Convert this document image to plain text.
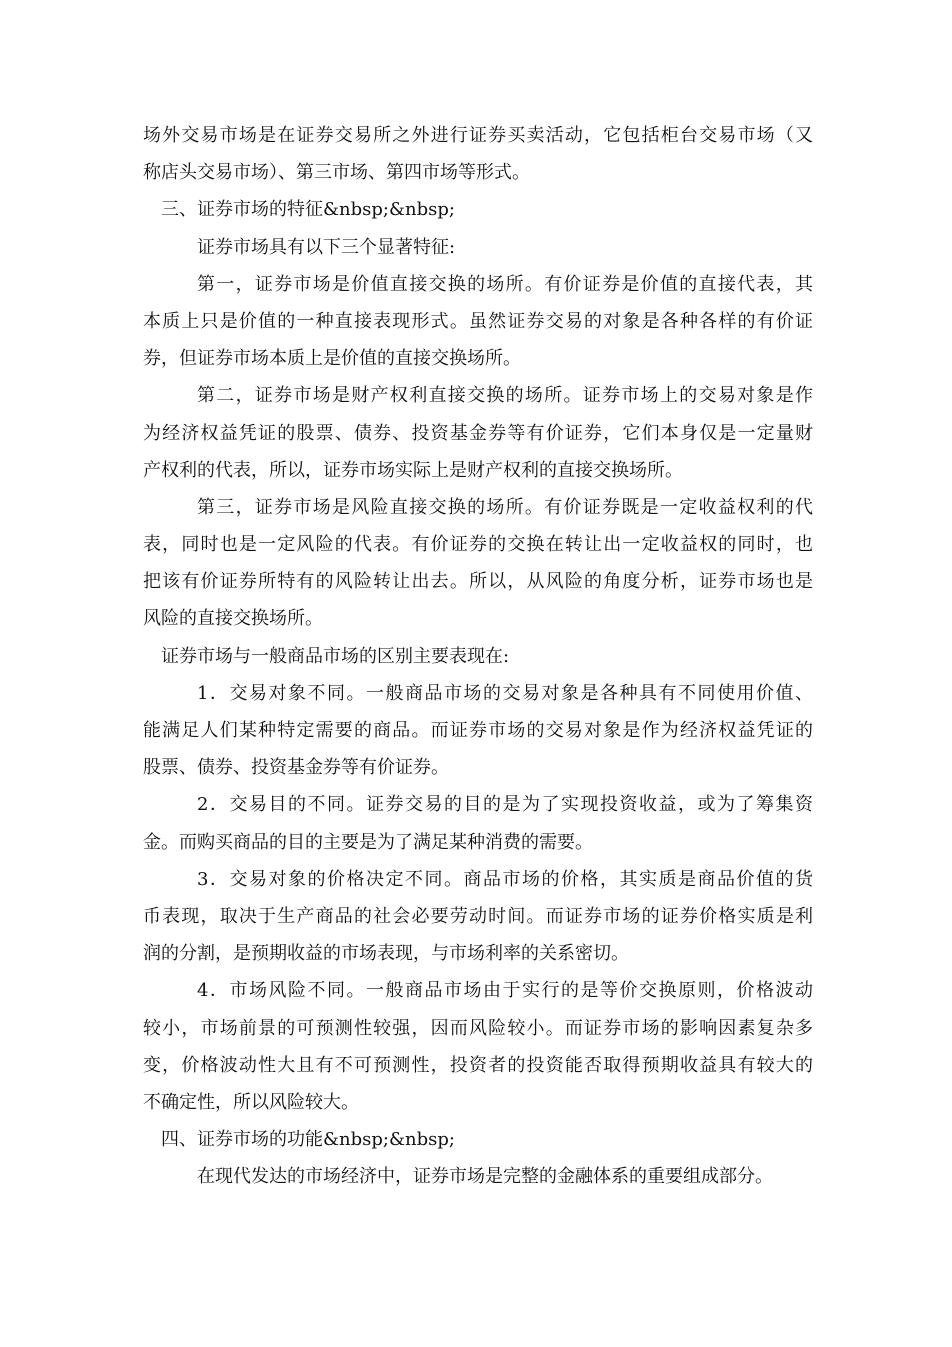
场外交易市场是在证券交易所之外进行证券买卖活动，它包括柜台交易市场（又
称店头交易市场）、第三市场、第四市场等形式。
三、证券市场的特征&nbsp;&nbsp;
证券市场具有以下三个显著特征:
第一，证券市场是价值直接交换的场所。有价证券是价值的直接代表，其
本质上只是价值的一种直接表现形式。虽然证券交易的对象是各种各样的有价证
券，但证券市场本质上是价值的直接交换场所。
第二，证券市场是财产权利直接交换的场所。证券市场上的交易对象是作
为经济权益凭证的股票、债券、投资基金券等有价证券，它们本身仅是一定量财
产权利的代表，所以，证券市场实际上是财产权利的直接交换场所。
第三，证券市场是风险直接交换的场所。有价证券既是一定收益权利的代
表，同时也是一定风险的代表。有价证券的交换在转让出一定收益权的同时，也
把该有价证券所特有的风险转让出去。所以，从风险的角度分析，证券市场也是
风险的直接交换场所。
证券市场与一般商品市场的区别主要表现在:
1．交易对象不同。一般商品市场的交易对象是各种具有不同使用价值、
能满足人们某种特定需要的商品。而证券市场的交易对象是作为经济权益凭证的
股票、债券、投资基金券等有价证券。
2．交易目的不同。证券交易的目的是为了实现投资收益，或为了筹集资
金。而购买商品的目的主要是为了满足某种消费的需要。
3．交易对象的价格决定不同。商品市场的价格，其实质是商品价值的货
币表现，取决于生产商品的社会必要劳动时间。而证券市场的证券价格实质是利
润的分割，是预期收益的市场表现，与市场利率的关系密切。
4．市场风险不同。一般商品市场由于实行的是等价交换原则，价格波动
较小，市场前景的可预测性较强，因而风险较小。而证券市场的影响因素复杂多
变，价格波动性大且有不可预测性，投资者的投资能否取得预期收益具有较大的
不确定性，所以风险较大。
四、证券市场的功能&nbsp;&nbsp;
在现代发达的市场经济中，证券市场是完整的金融体系的重要组成部分。
